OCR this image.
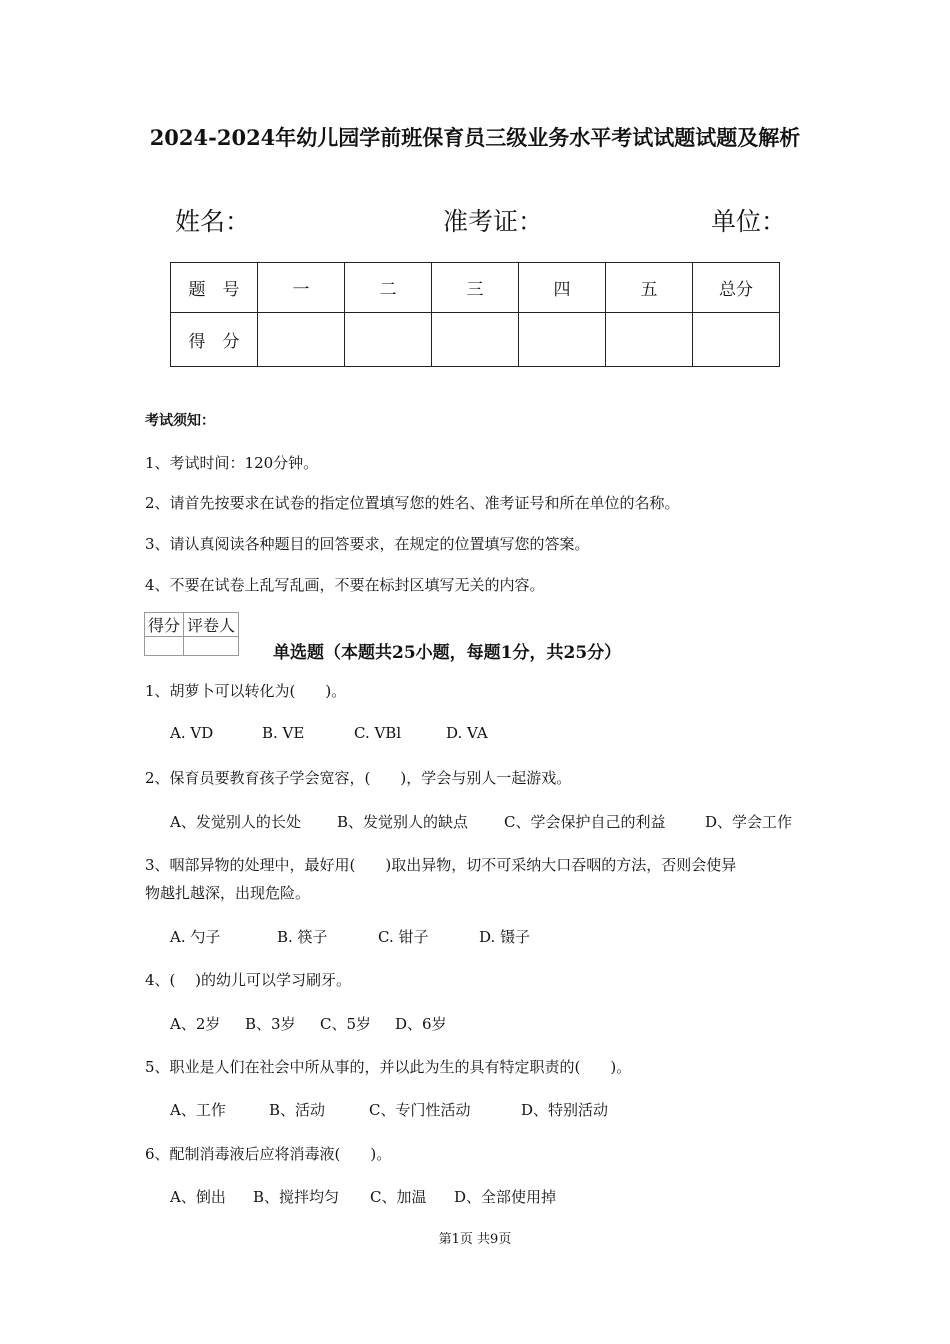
2024-2024年幼儿园学前班保育员三级业务水平考试试题试题及解析
姓名：	准考证：	单位：
题　号	一	二	三	四	五	总分
得　分						
考试须知：
1、考试时间：120分钟。
2、请首先按要求在试卷的指定位置填写您的姓名、准考证号和所在单位的名称。
3、请认真阅读各种题目的回答要求，在规定的位置填写您的答案。
4、不要在试卷上乱写乱画，不要在标封区填写无关的内容。
得分	评卷人

单选题（本题共25小题，每题1分，共25分）
1、胡萝卜可以转化为(　　)。
A. VD	B. VE	C. VBl	D. VA
2、保育员要教育孩子学会宽容，(　　)，学会与别人一起游戏。
A、发觉别人的长处 B、发觉别人的缺点 C、学会保护自己的利益	D、学会工作
3、咽部异物的处理中，最好用(　　)取出异物，切不可采纳大口吞咽的方法，否则会使异
物越扎越深，出现危险。
A. 勺子	B. 筷子	C. 钳子	D. 镊子
4、(　 )的幼儿可以学习刷牙。
A、2岁 B、3岁 C、5岁 D、6岁
5、职业是人们在社会中所从事的，并以此为生的具有特定职责的(　　)。
A、工作	B、活动	C、专门性活动	D、特别活动
6、配制消毒液后应将消毒液(　　)。
A、倒出 B、搅拌均匀 C、加温 D、全部使用掉
第1页 共9页
